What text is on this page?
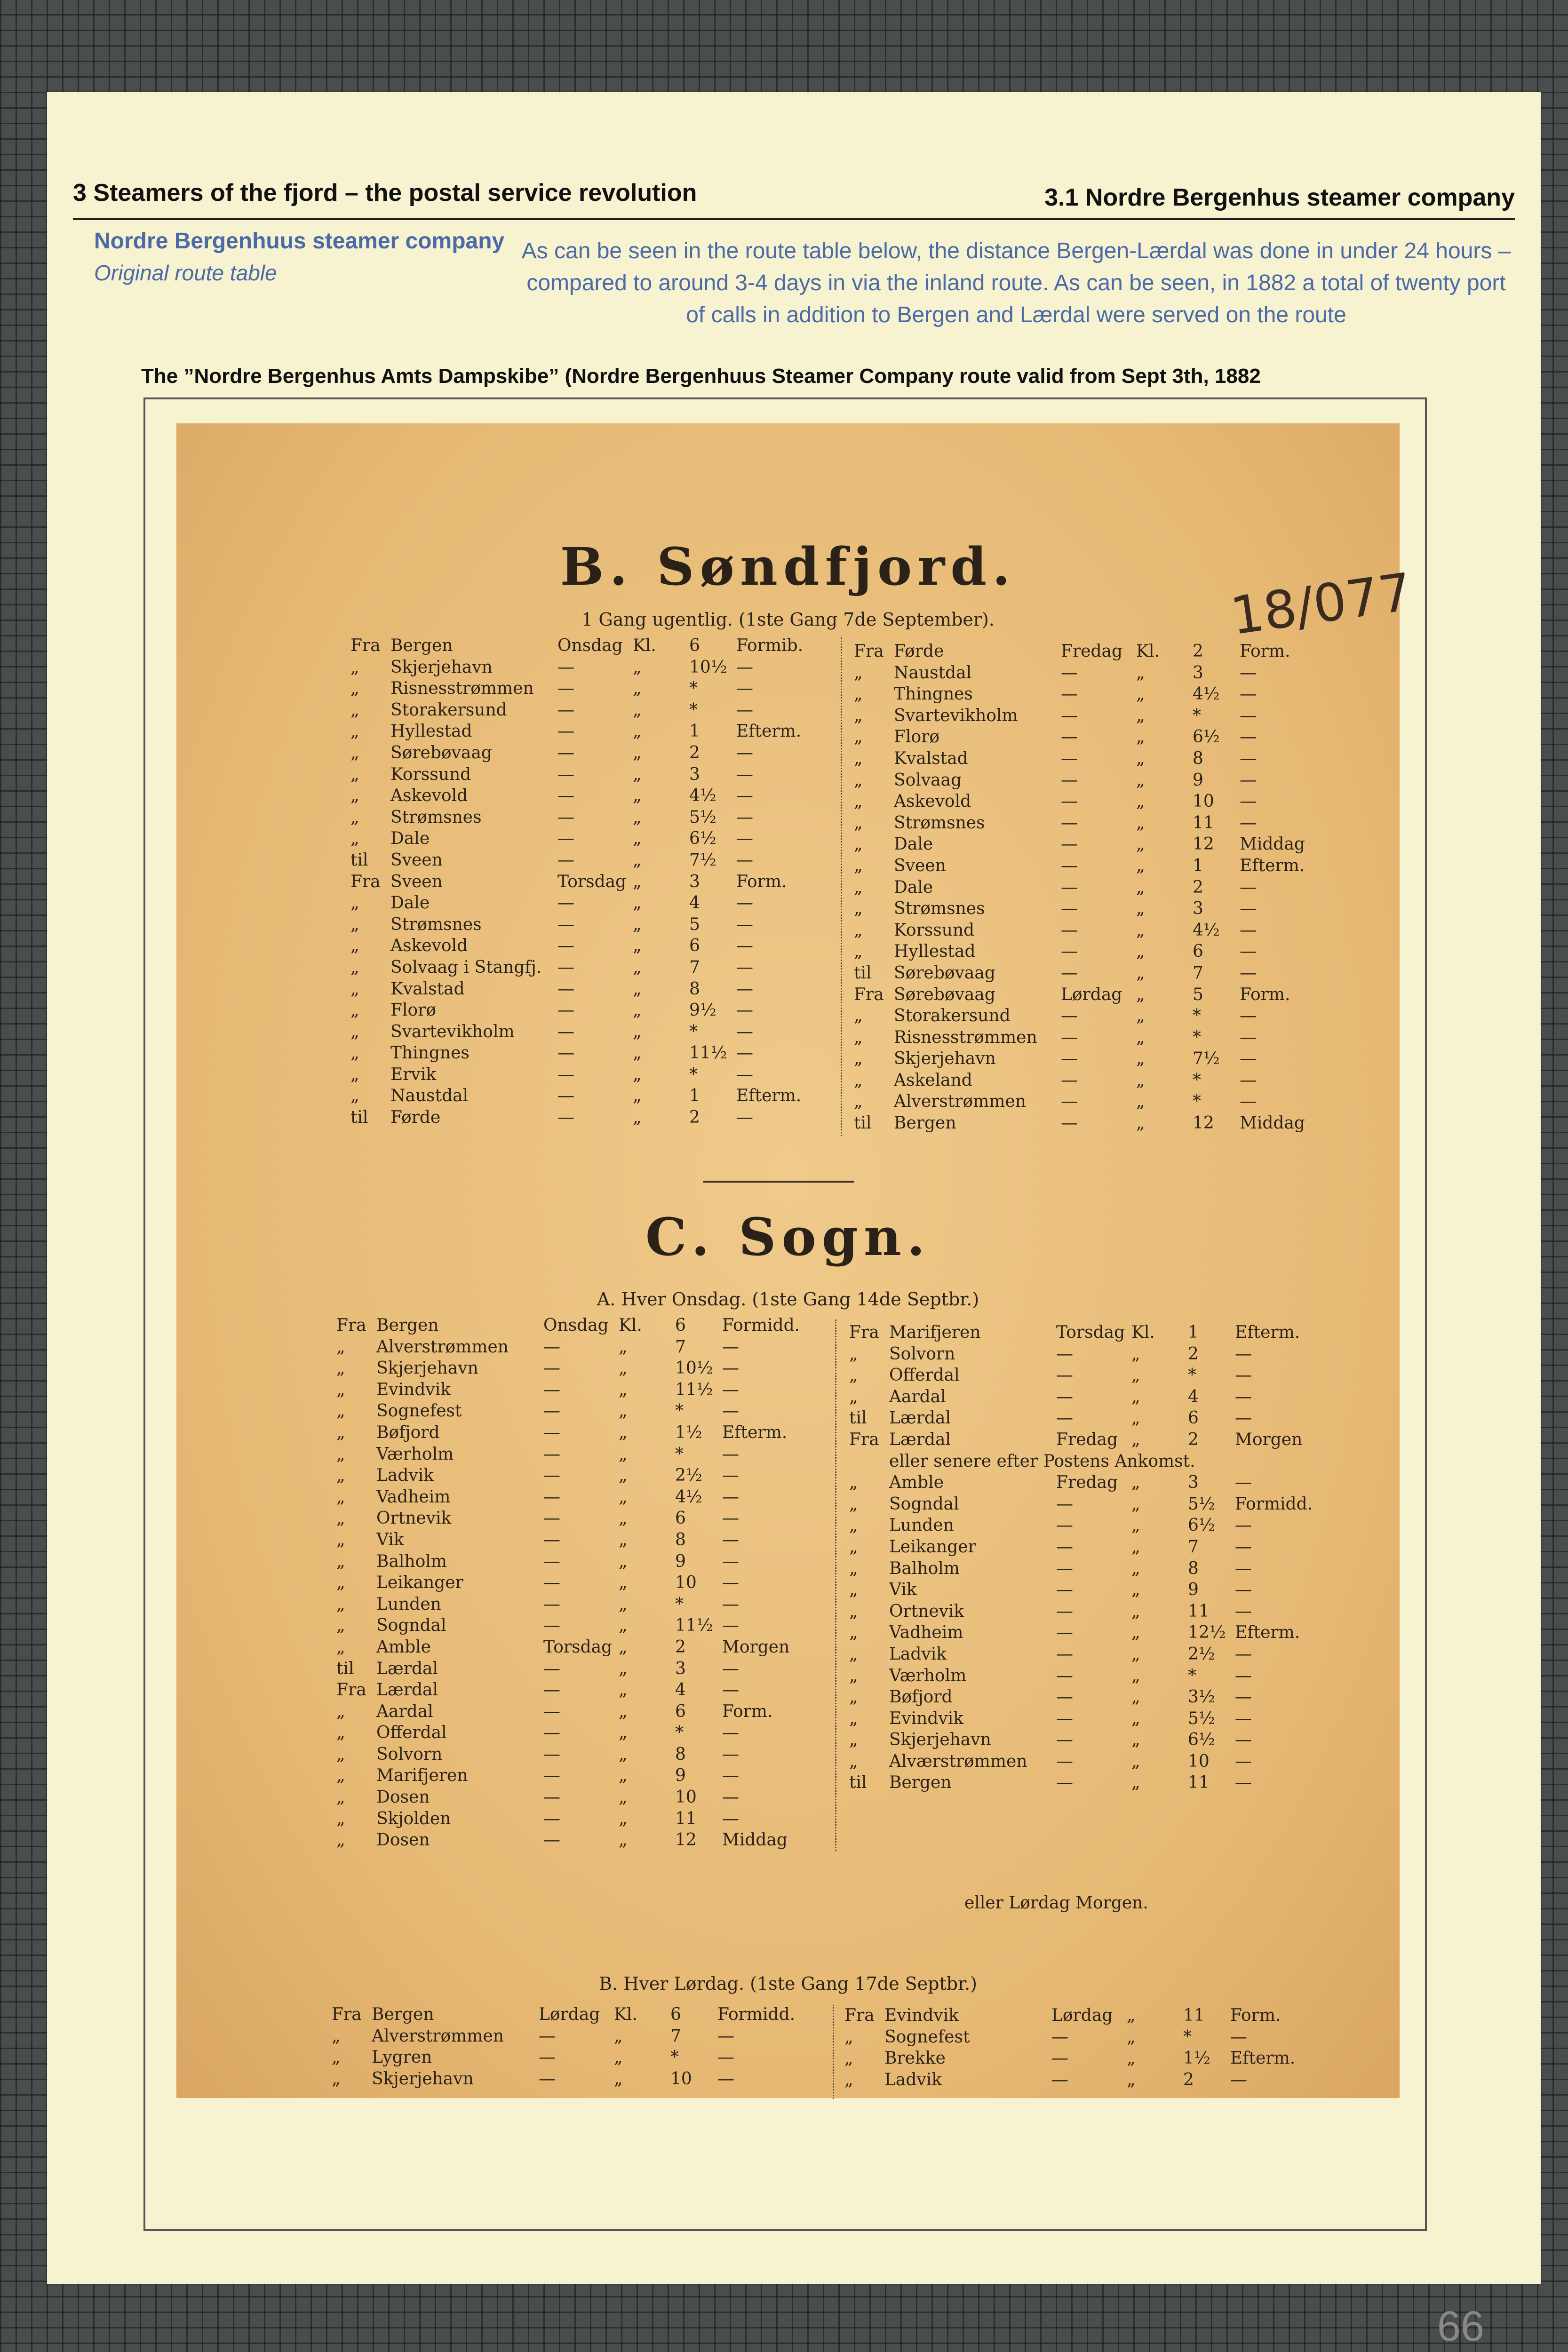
3 Steamers of the fjord – the postal service revolution	3.1 Nordre Bergenhus steamer company
Nordre Bergenhuus steamer company
Original route table
As can be seen in the route table below, the distance Bergen-Lærdal was done in under 24 hours – compared to around 3-4 days in via the inland route. As can be seen, in 1882 a total of twenty port of calls in addition to Bergen and Lærdal were served on the route
The ”Nordre Bergenhus Amts Dampskibe” (Nordre Bergenhuus Steamer Company route valid from Sept 3th, 1882
18/077
B. Søndfjord.
1 Gang ugentlig. (1ste Gang 7de September).
Fra Bergen	Onsdag Kl. 6 Formib.
„	Skjerjehavn	—	„	10½ —
„	Risnesstrømmen —	„	* —
„	Storakersund	—	„	* —
„	Hyllestad	—	„	1 Efterm.
„	Sørebøvaag	—	„	2 —
„	Korssund	—	„	3 —
„	Askevold	—	„	4½ —
„	Strømsnes	—	„	5½ —
„	Dale	—	„	6½ —
til	Sveen	—	„	7½ —
Fra Sveen	Torsdag „	3 Form.
„	Dale	—	„	4 —
„	Strømsnes	—	„	5 —
„	Askevold	—	„	6 —
„	Solvaag i Stangfj. —	„	7 —
„	Kvalstad	—	„	8 —
„	Florø	—	„	9½ —
„	Svartevikholm	—	„	* —
„	Thingnes	—	„	11½ —
„	Ervik	—	„	* —
„	Naustdal	—	„	1 Efterm.
til	Førde	—	„	2 —
Fra Førde	Fredag Kl. 2 Form.
„	Naustdal	—	„	3 —
„	Thingnes	—	„	4½ —
„	Svartevikholm	—	„	* —
„	Florø	—	„	6½ —
„	Kvalstad	—	„	8 —
„	Solvaag	—	„	9 —
„	Askevold	—	„	10 —
„	Strømsnes	—	„	11 —
„	Dale	—	„	12 Middag
„	Sveen	—	„	1 Efterm.
„	Dale	—	„	2 —
„	Strømsnes	—	„	3 —
„	Korssund	—	„	4½ —
„	Hyllestad	—	„	6 —
til	Sørebøvaag	—	„	7 —
Fra Sørebøvaag	Lørdag „	5 Form.
„	Storakersund	—	„	* —
„	Risnesstrømmen —	„	* —
„	Skjerjehavn	—	„	7½ —
„	Askeland	—	„	* —
„	Alverstrømmen —	„	* —
til	Bergen	—	„	12 Middag
C. Sogn.
A. Hver Onsdag. (1ste Gang 14de Septbr.)
Fra Bergen	Onsdag Kl. 6 Formidd.
„	Alverstrømmen —	„	7 —
„	Skjerjehavn	—	„	10½ —
„	Evindvik	—	„	11½ —
„	Sognefest	—	„	* —
„	Bøfjord	—	„	1½ Efterm.
„	Værholm	—	„	* —
„	Ladvik	—	„	2½ —
„	Vadheim	—	„	4½ —
„	Ortnevik	—	„	6 —
„	Vik	—	„	8 —
„	Balholm	—	„	9 —
„	Leikanger	—	„	10 —
„	Lunden	—	„	* —
„	Sogndal	—	„	11½ —
„	Amble	Torsdag „	2 Morgen
til	Lærdal	—	„	3 —
Fra Lærdal	—	„	4 —
„	Aardal	—	„	6 Form.
„	Offerdal	—	„	* —
„	Solvorn	—	„	8 —
„	Marifjeren	—	„	9 —
„	Dosen	—	„	10 —
„	Skjolden	—	„	11 —
„	Dosen	—	„	12 Middag
Fra Marifjeren	Torsdag Kl. 1 Efterm.
„	Solvorn	—	„	2 —
„	Offerdal	—	„	* —
„	Aardal	—	„	4 —
til	Lærdal	—	„	6 —
Fra Lærdal	Fredag „	2 Morgen
eller senere efter Postens Ankomst.
„	Amble	Fredag „	3 —
„	Sogndal	—	„	5½ Formidd.
„	Lunden	—	„	6½ —
„	Leikanger	—	„	7 —
„	Balholm	—	„	8 —
„	Vik	—	„	9 —
„	Ortnevik	—	„	11 —
„	Vadheim	—	„	12½ Efterm.
„	Ladvik	—	„	2½ —
„	Værholm	—	„	* —
„	Bøfjord	—	„	3½ —
„	Evindvik	—	„	5½ —
„	Skjerjehavn	—	„	6½ —
„	Alværstrømmen —	„	10 —
til	Bergen	—	„	11 —
eller Lørdag Morgen.
B. Hver Lørdag. (1ste Gang 17de Septbr.)
Fra Bergen	Lørdag Kl. 6 Formidd.
„	Alverstrømmen —	„	7 —
„	Lygren	—	„	* —
„	Skjerjehavn	—	„	10 —
Fra Evindvik	Lørdag „	11 Form.
„	Sognefest	—	„	* —
„	Brekke	—	„	1½ Efterm.
„	Ladvik	—	„	2 —
66
